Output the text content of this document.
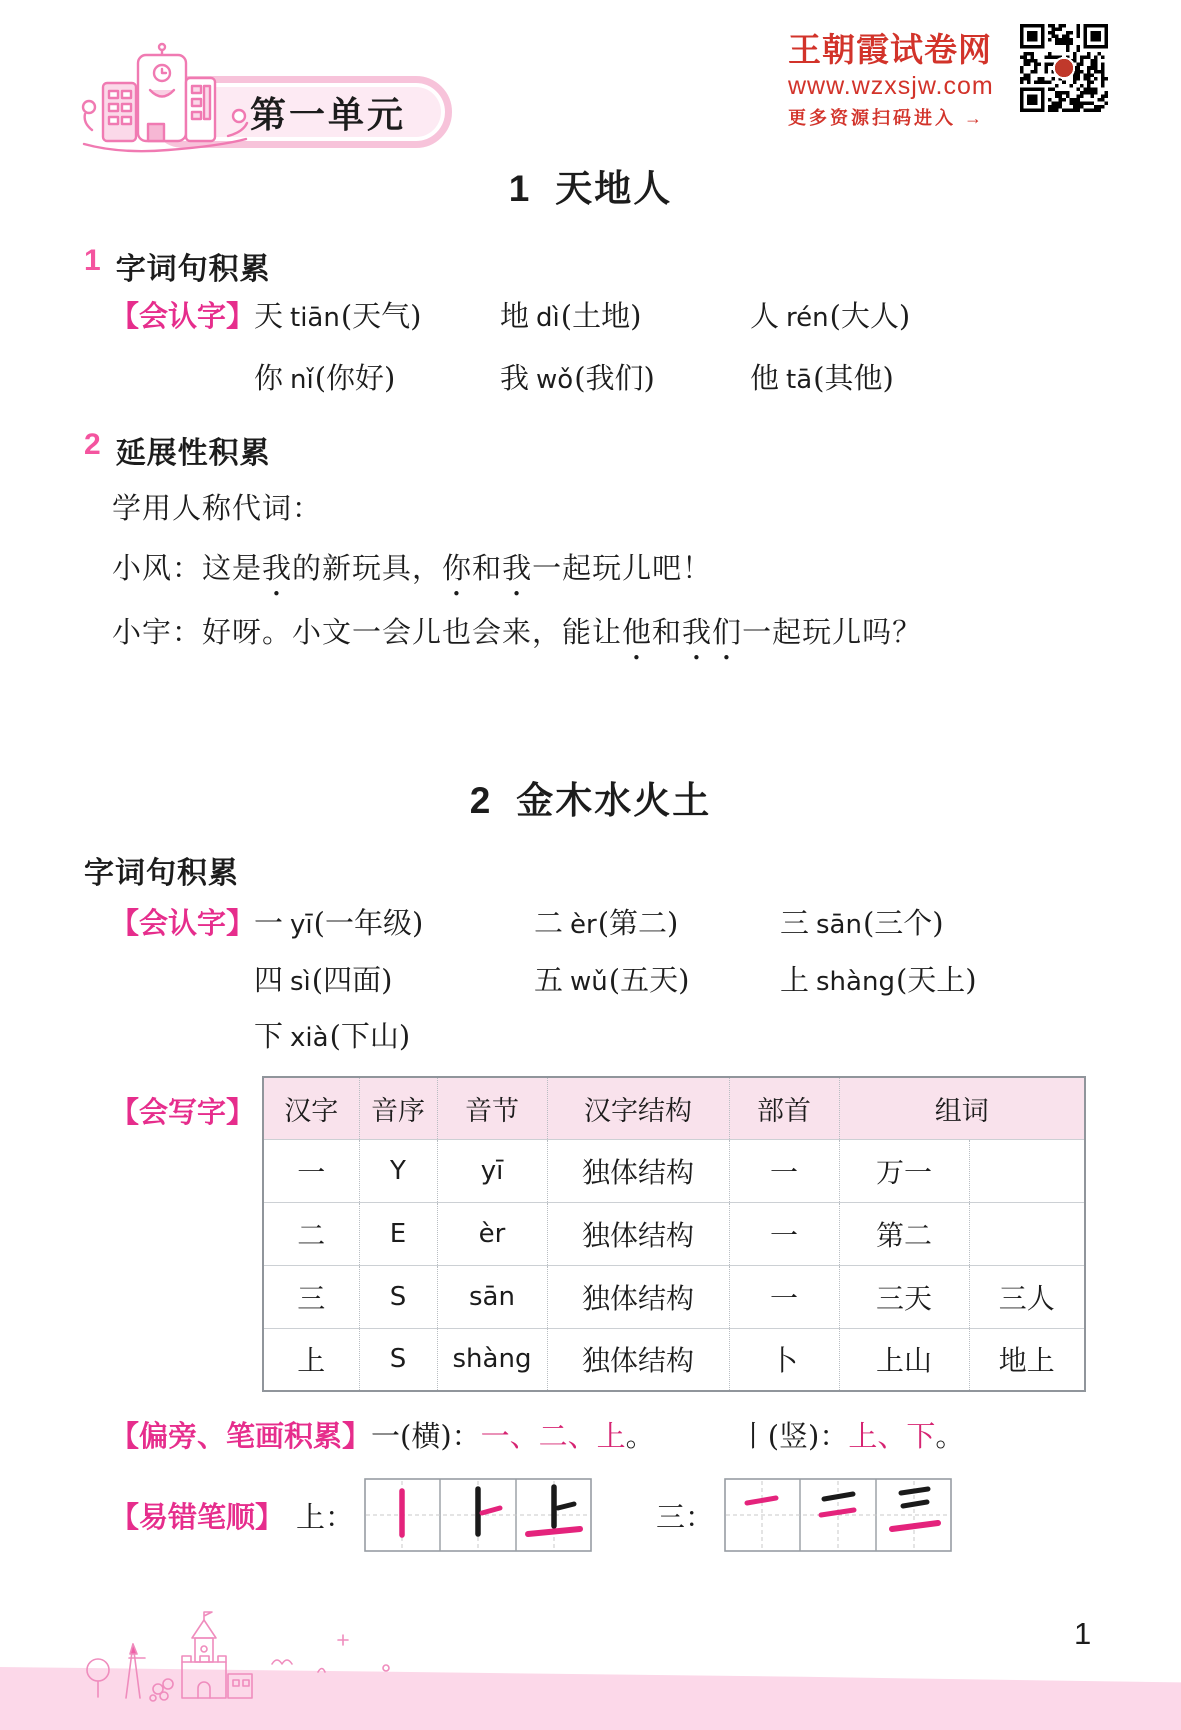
第一单元
王朝霞试卷网
www.wzxsjw.com
更多资源扫码进入 →
1 天地人
1 字词句积累
【会认字】
天 tiān(天气)	地 dì(土地)	人 rén(大人)
你 nǐ(你好)	我 wǒ(我们)	他 tā(其他)
2 延展性积累
学用人称代词：
小风：这是我的新玩具，你和我一起玩儿吧！
小宇：好呀。小文一会儿也会来，能让他和我们一起玩儿吗？
2 金木水火土
字词句积累
【会认字】
一 yī(一年级)	二 èr(第二)	三 sān(三个)
四 sì(四面)	五 wǔ(五天)	上 shàng(天上)
下 xià(下山)
【会写字】 汉字	音序	音节	汉字结构	部首	组词	
一	Y	yī	独体结构	一	万一	
二	E	èr	独体结构	一	第二	
三	S	sān	独体结构	一	三天	三人
上	S	shàng	独体结构	卜	上山	地上
【偏旁、笔画积累】 一(横)：一、二、上。	丨(竖)：上、下。
【易错笔顺】 上：	三：
1
